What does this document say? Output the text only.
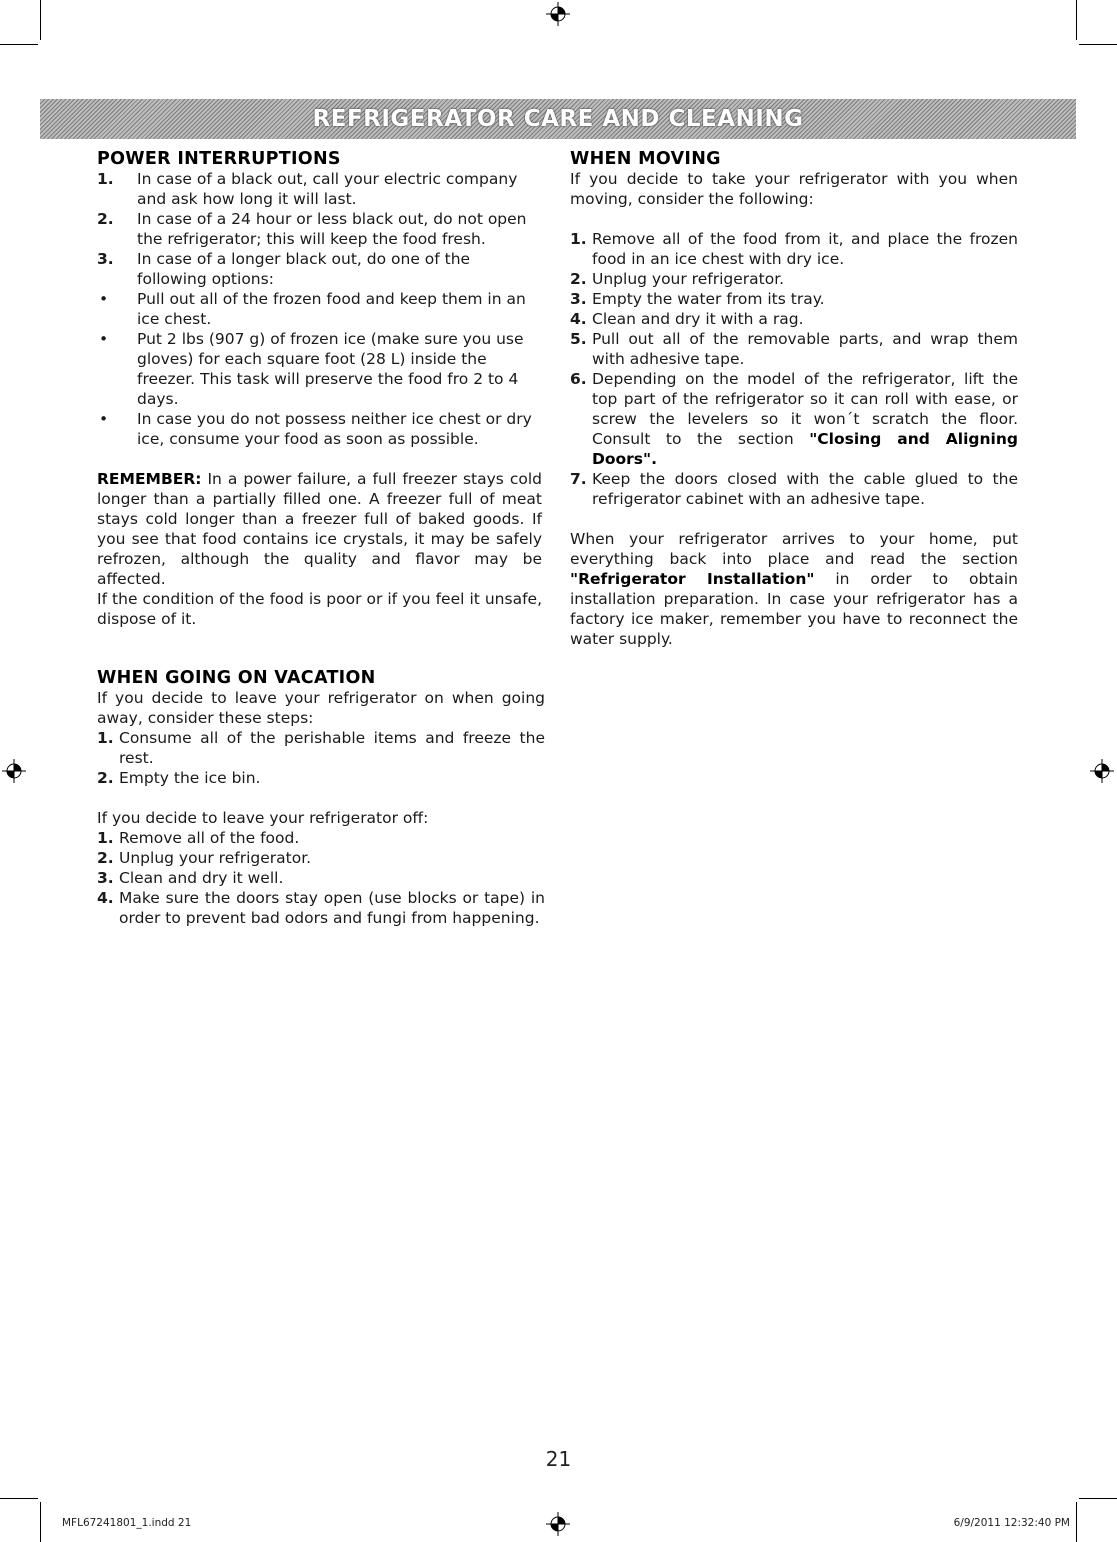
REFRIGERATOR CARE AND CLEANING

POWER INTERRUPTIONS

1. In case of a black out, call your electric company and ask how long it will last.

2. In case of a 24 hour or less black out, do not open the refrigerator; this will keep the food fresh.

3. In case of a longer black out, do one of the following options:

• Pull out all of the frozen food and keep them in an ice chest.

• Put 2 lbs (907 g) of frozen ice (make sure you use gloves) for each square foot (28 L) inside the freezer. This task will preserve the food fro 2 to 4 days.

• In case you do not possess neither ice chest or dry ice, consume your food as soon as possible.

REMEMBER: In a power failure, a full freezer stays cold longer than a partially filled one. A freezer full of meat stays cold longer than a freezer full of baked goods. If you see that food contains ice crystals, it may be safely refrozen, although the quality and flavor may be affected.

If the condition of the food is poor or if you feel it unsafe, dispose of it.

WHEN GOING ON VACATION

If you decide to leave your refrigerator on when going away, consider these steps:

1. Consume all of the perishable items and freeze the rest.

2. Empty the ice bin.

If you decide to leave your refrigerator off:

1. Remove all of the food.

2. Unplug your refrigerator.

3. Clean and dry it well.

4. Make sure the doors stay open (use blocks or tape) in order to prevent bad odors and fungi from happening.

WHEN MOVING

If you decide to take your refrigerator with you when moving, consider the following:

1. Remove all of the food from it, and place the frozen food in an ice chest with dry ice.

2. Unplug your refrigerator.

3. Empty the water from its tray.

4. Clean and dry it with a rag.

5. Pull out all of the removable parts, and wrap them with adhesive tape.

6. Depending on the model of the refrigerator, lift the top part of the refrigerator so it can roll with ease, or screw the levelers so it won´t scratch the floor. Consult to the section "Closing and Aligning Doors".

7. Keep the doors closed with the cable glued to the refrigerator cabinet with an adhesive tape.

When your refrigerator arrives to your home, put everything back into place and read the section "Refrigerator Installation" in order to obtain installation preparation. In case your refrigerator has a factory ice maker, remember you have to reconnect the water supply.

21
MFL67241801_1.indd 21	6/9/2011 12:32:40 PM
